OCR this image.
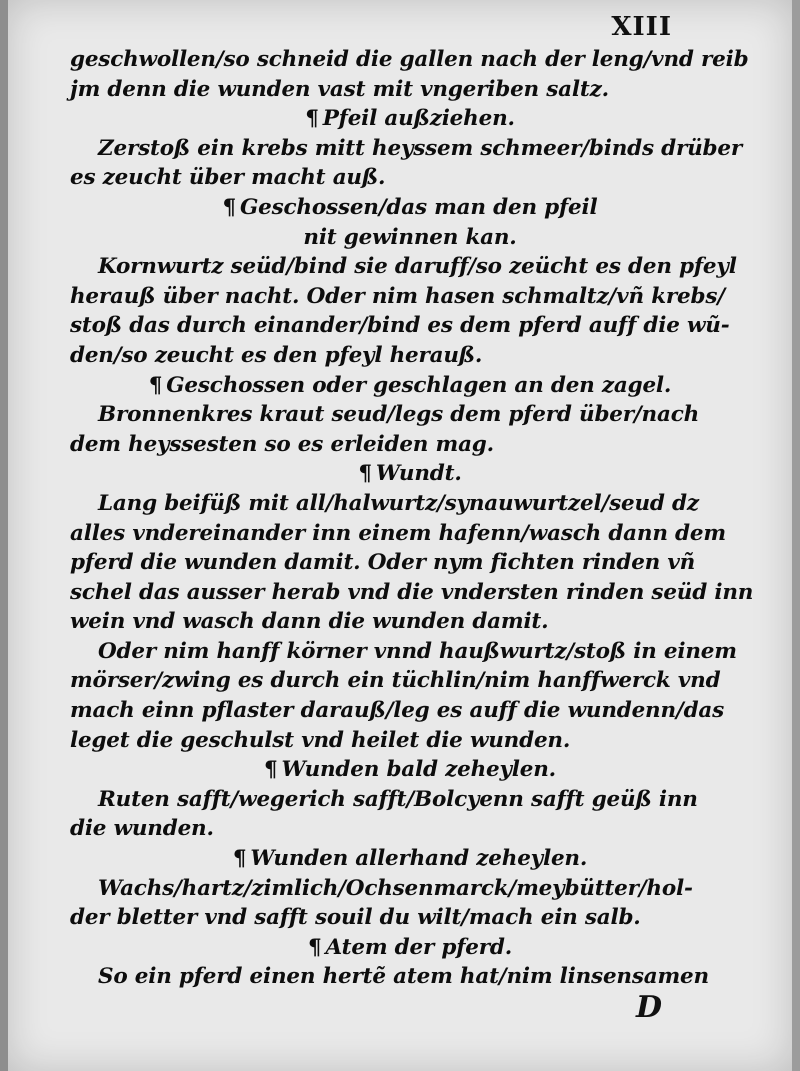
XIII
geschwollen/so schneid die gallen nach der leng/vnd reib
jm denn die wunden vast mit vngeriben saltz.
¶ Pfeil außziehen.
Zerstoß ein krebs mitt heyssem schmeer/binds drüber
es zeucht über macht auß.
¶ Geschossen/das man den pfeil
nit gewinnen kan.
Kornwurtz seüd/bind sie daruff/so zeücht es den pfeyl
herauß über nacht. Oder nim hasen schmaltz/vñ krebs/
stoß das durch einander/bind es dem pferd auff die wũ-
den/so zeucht es den pfeyl herauß.
¶ Geschossen oder geschlagen an den zagel.
Bronnenkres kraut seud/legs dem pferd über/nach
dem heyssesten so es erleiden mag.
¶ Wundt.
Lang beifüß mit all/halwurtz/synauwurtzel/seud dz
alles vndereinander inn einem hafenn/wasch dann dem
pferd die wunden damit. Oder nym fichten rinden vñ
schel das ausser herab vnd die vndersten rinden seüd inn
wein vnd wasch dann die wunden damit.
Oder nim hanff körner vnnd haußwurtz/stoß in einem
mörser/zwing es durch ein tüchlin/nim hanffwerck vnd
mach einn pflaster darauß/leg es auff die wundenn/das
leget die geschulst vnd heilet die wunden.
¶ Wunden bald zeheylen.
Ruten safft/wegerich safft/Bolcyenn safft geüß inn
die wunden.
¶ Wunden allerhand zeheylen.
Wachs/hartz/zimlich/Ochsenmarck/meybütter/hol-
der bletter vnd safft souil du wilt/mach ein salb.
¶ Atem der pferd.
So ein pferd einen hertẽ atem hat/nim linsensamen
D
